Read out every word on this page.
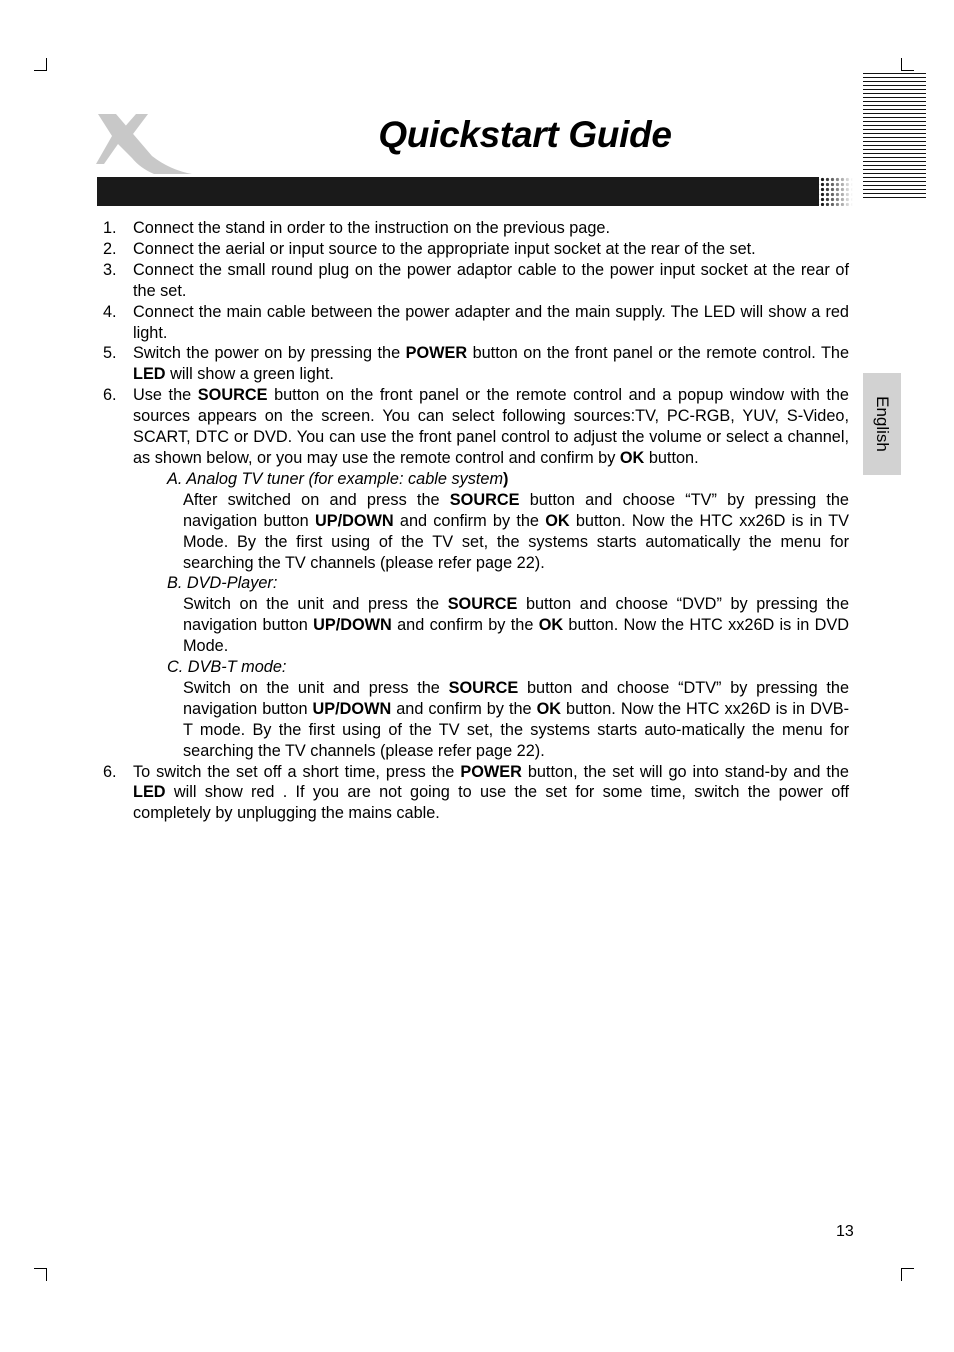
Quickstart Guide
English
1.	Connect the stand in order to the instruction on the previous page.
2.	Connect the aerial or input source to the appropriate input socket at the rear of the set.
3.	Connect the small round plug on the power adaptor cable to the power input socket at the rear of the set.
4.	Connect the main cable between the power adapter and the main supply. The LED will show a red light.
5.	Switch the power on by pressing the POWER button on the front panel or the remote control. The LED will show a green light.
6.	Use the SOURCE button on the front panel or the remote control and a popup window with the sources appears on the screen. You can select following sources:TV, PC-RGB, YUV, S-Video, SCART, DTC or DVD. You can use the front panel control to adjust the volume or select a channel, as shown below, or you may use the remote control and confirm by OK button.
A. Analog TV tuner (for example: cable system)
After switched on and press the SOURCE button and choose “TV” by pressing the navigation button UP/DOWN and confirm by the OK button. Now the HTC xx26D is in TV Mode. By the first using of the TV set, the systems starts automatically the menu for searching the TV channels (please refer page 22).
B. DVD-Player:
Switch on the unit and press the SOURCE button and choose “DVD” by pressing the navigation button UP/DOWN and confirm by the OK button. Now the HTC xx26D is in DVD Mode.
C. DVB-T mode:
Switch on the unit and press the SOURCE button and choose “DTV” by pressing the navigation button UP/DOWN and confirm by the OK button. Now the HTC xx26D is in DVB-T mode. By the first using of the TV set, the systems starts auto-matically the menu for searching the TV channels (please refer page 22).
6.	To switch the set off a short time, press the POWER button, the set will go into stand-by and the LED will show red . If you are not going to use the set for some time, switch the power off completely by unplugging the mains cable.
13
